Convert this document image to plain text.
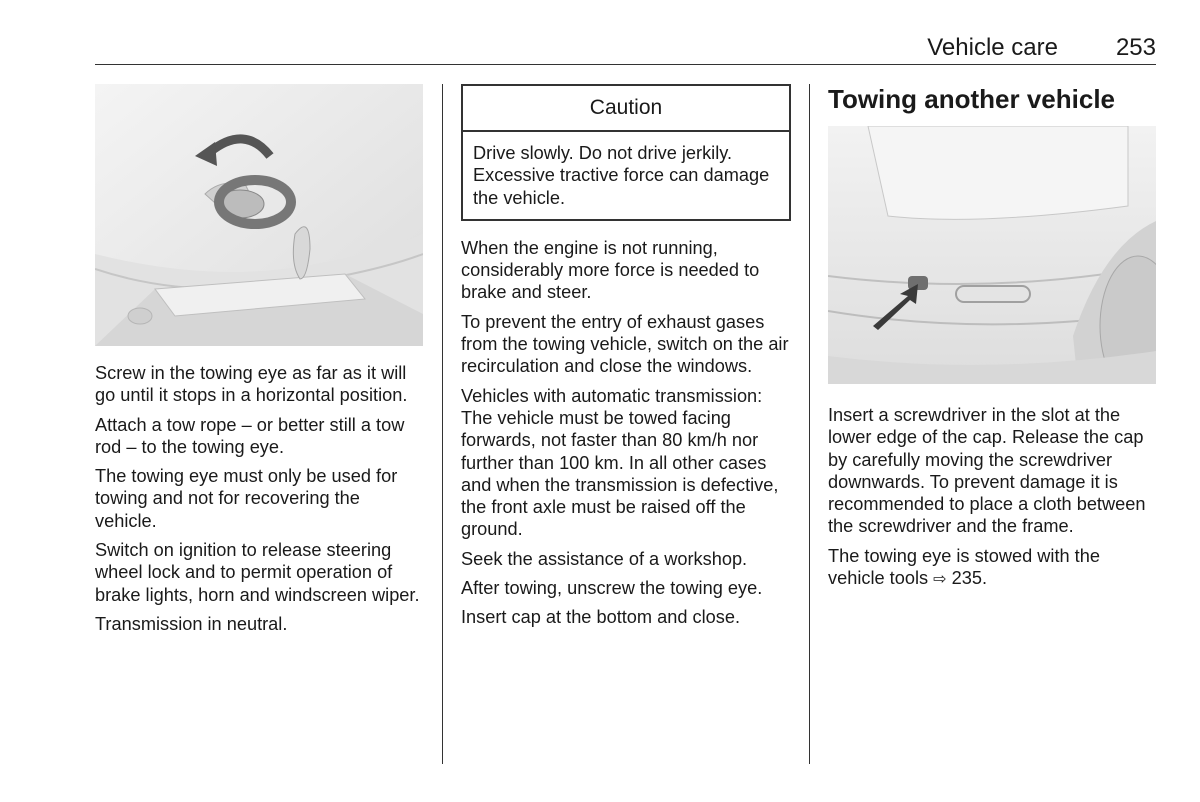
Vehicle care 253

Screw in the towing eye as far as it will go until it stops in a horizontal position.

Attach a tow rope – or better still a tow rod – to the towing eye.

The towing eye must only be used for towing and not for recovering the vehicle.

Switch on ignition to release steering wheel lock and to permit operation of brake lights, horn and windscreen wiper.

Transmission in neutral.

Caution
Drive slowly. Do not drive jerkily. Excessive tractive force can damage the vehicle.

When the engine is not running, considerably more force is needed to brake and steer.

To prevent the entry of exhaust gases from the towing vehicle, switch on the air recirculation and close the windows.

Vehicles with automatic transmission: The vehicle must be towed facing forwards, not faster than 80 km/h nor further than 100 km. In all other cases and when the transmission is defective, the front axle must be raised off the ground.

Seek the assistance of a workshop.

After towing, unscrew the towing eye.

Insert cap at the bottom and close.

Towing another vehicle

Insert a screwdriver in the slot at the lower edge of the cap. Release the cap by carefully moving the screwdriver downwards. To prevent damage it is recommended to place a cloth between the screwdriver and the frame.

The towing eye is stowed with the vehicle tools ⇨ 235.
